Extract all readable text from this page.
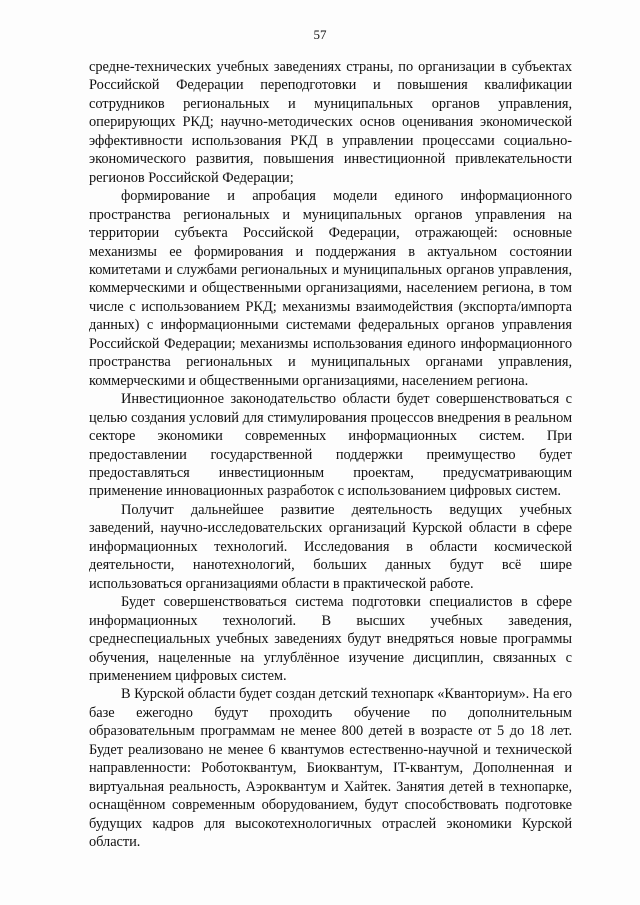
57

средне-технических учебных заведениях страны, по организации в субъектах Российской Федерации переподготовки и повышения квалификации сотрудников региональных и муниципальных органов управления, оперирующих РКД; научно-методических основ оценивания экономической эффективности использования РКД в управлении процессами социально-экономического развития, повышения инвестиционной привлекательности регионов Российской Федерации;

формирование и апробация модели единого информационного пространства региональных и муниципальных органов управления на территории субъекта Российской Федерации, отражающей: основные механизмы ее формирования и поддержания в актуальном состоянии комитетами и службами региональных и муниципальных органов управления, коммерческими и общественными организациями, населением региона, в том числе с использованием РКД; механизмы взаимодействия (экспорта/импорта данных) с информационными системами федеральных органов управления Российской Федерации; механизмы использования единого информационного пространства региональных и муниципальных органами управления, коммерческими и общественными организациями, населением региона.

Инвестиционное законодательство области будет совершенствоваться с целью создания условий для стимулирования процессов внедрения в реальном секторе экономики современных информационных систем. При предоставлении государственной поддержки преимущество будет предоставляться инвестиционным проектам, предусматривающим применение инновационных разработок с использованием цифровых систем.

Получит дальнейшее развитие деятельность ведущих учебных заведений, научно-исследовательских организаций Курской области в сфере информационных технологий. Исследования в области космической деятельности, нанотехнологий, больших данных будут всё шире использоваться организациями области в практической работе.

Будет совершенствоваться система подготовки специалистов в сфере информационных технологий. В высших учебных заведения, среднеспециальных учебных заведениях будут внедряться новые программы обучения, нацеленные на углублённое изучение дисциплин, связанных с применением цифровых систем.

В Курской области будет создан детский технопарк «Кванториум». На его базе ежегодно будут проходить обучение по дополнительным образовательным программам не менее 800 детей в возрасте от 5 до 18 лет. Будет реализовано не менее 6 квантумов естественно-научной и технической направленности: Роботоквантум, Биоквантум, IT-квантум, Дополненная и виртуальная реальность, Аэроквантум и Хайтек. Занятия детей в технопарке, оснащённом современным оборудованием, будут способствовать подготовке будущих кадров для высокотехнологичных отраслей экономики Курской области.
